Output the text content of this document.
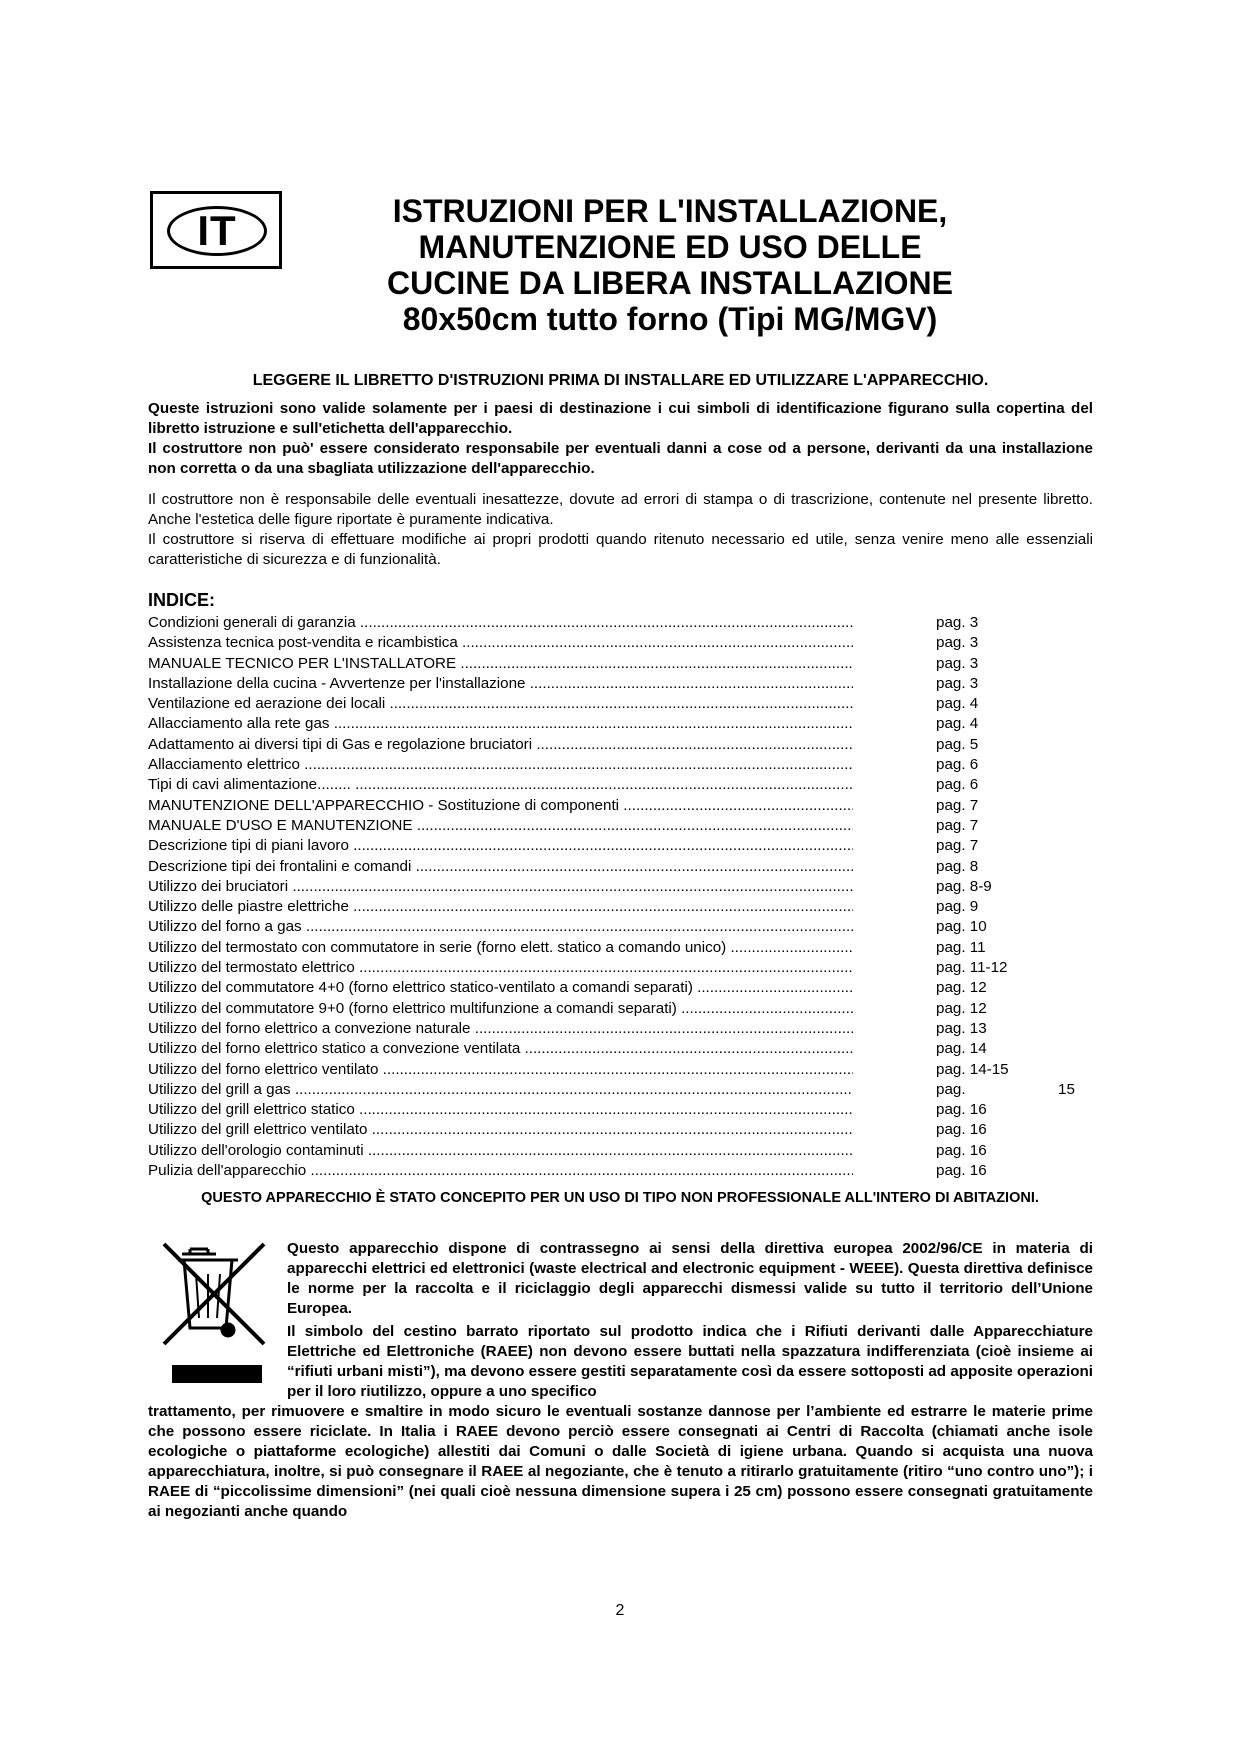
IT	ISTRUZIONI PER L'INSTALLAZIONE,
MANUTENZIONE ED USO DELLE
CUCINE DA LIBERA INSTALLAZIONE
80x50cm tutto forno (Tipi MG/MGV)
LEGGERE IL LIBRETTO D'ISTRUZIONI PRIMA DI INSTALLARE ED UTILIZZARE L'APPARECCHIO.
Queste istruzioni sono valide solamente per i paesi di destinazione i cui simboli di identificazione figurano sulla copertina del libretto istruzione e sull'etichetta dell'apparecchio.
Il costruttore non può' essere considerato responsabile per eventuali danni a cose od a persone, derivanti da una installazione non corretta o da una sbagliata utilizzazione dell'apparecchio.
Il costruttore non è responsabile delle eventuali inesattezze, dovute ad errori di stampa o di trascrizione, contenute nel presente libretto. Anche l'estetica delle figure riportate è puramente indicativa.
Il costruttore si riserva di effettuare modifiche ai propri prodotti quando ritenuto necessario ed utile, senza venire meno alle essenziali caratteristiche di sicurezza e di funzionalità.
INDICE:
Condizioni generali di garanzia .....	pag. 3
Assistenza tecnica post-vendita e ricambistica .....	pag. 3
MANUALE TECNICO PER L'INSTALLATORE .....	pag. 3
Installazione della cucina - Avvertenze per l'installazione .....	pag. 3
Ventilazione ed aerazione dei locali .....	pag. 4
Allacciamento alla rete gas .....	pag. 4
Adattamento ai diversi tipi di Gas e regolazione bruciatori .....	pag. 5
Allacciamento elettrico .....	pag. 6
Tipi di cavi alimentazione........ .....	pag. 6
MANUTENZIONE DELL'APPARECCHIO - Sostituzione di componenti .....	pag. 7
MANUALE D'USO E MANUTENZIONE .....	pag. 7
Descrizione tipi di piani lavoro .....	pag. 7
Descrizione tipi dei frontalini e comandi .....	pag. 8
Utilizzo dei bruciatori .....	pag. 8-9
Utilizzo delle piastre elettriche .....	pag. 9
Utilizzo del forno a gas .....	pag. 10
Utilizzo del termostato con commutatore in serie (forno elett. statico a comando unico) .....	pag. 11
Utilizzo del termostato elettrico .....	pag. 11-12
Utilizzo del commutatore 4+0 (forno elettrico statico-ventilato a comandi separati) .....	pag. 12
Utilizzo del commutatore 9+0 (forno elettrico multifunzione a comandi separati) .....	pag. 12
Utilizzo del forno elettrico a convezione naturale .....	pag. 13
Utilizzo del forno elettrico statico a convezione ventilata .....	pag. 14
Utilizzo del forno elettrico ventilato .....	pag. 14-15
Utilizzo del grill a gas .....	pag.	15
Utilizzo del grill elettrico statico .....	pag. 16
Utilizzo del grill elettrico ventilato .....	pag. 16
Utilizzo dell'orologio contaminuti .....	pag. 16
Pulizia dell'apparecchio .....	pag. 16
QUESTO APPARECCHIO È STATO CONCEPITO PER UN USO DI TIPO NON PROFESSIONALE ALL'INTERO DI ABITAZIONI.
Questo apparecchio dispone di contrassegno ai sensi della direttiva europea 2002/96/CE in materia di apparecchi elettrici ed elettronici (waste electrical and electronic equipment - WEEE). Questa direttiva definisce le norme per la raccolta e il riciclaggio degli apparecchi dismessi valide su tutto il territorio dell’Unione Europea.
Il simbolo del cestino barrato riportato sul prodotto indica che i Rifiuti derivanti dalle Apparecchiature Elettriche ed Elettroniche (RAEE) non devono essere buttati nella spazzatura indifferenziata (cioè insieme ai “rifiuti urbani misti”), ma devono essere gestiti separatamente così da essere sottoposti ad apposite operazioni per il loro riutilizzo, oppure a uno specifico
trattamento, per rimuovere e smaltire in modo sicuro le eventuali sostanze dannose per l’ambiente ed estrarre le materie prime che possono essere riciclate. In Italia i RAEE devono perciò essere consegnati ai Centri di Raccolta (chiamati anche isole ecologiche o piattaforme ecologiche) allestiti dai Comuni o dalle Società di igiene urbana. Quando si acquista una nuova apparecchiatura, inoltre, si può consegnare il RAEE al negoziante, che è tenuto a ritirarlo gratuitamente (ritiro “uno contro uno”); i RAEE di “piccolissime dimensioni” (nei quali cioè nessuna dimensione supera i 25 cm) possono essere consegnati gratuitamente ai negozianti anche quando
2
